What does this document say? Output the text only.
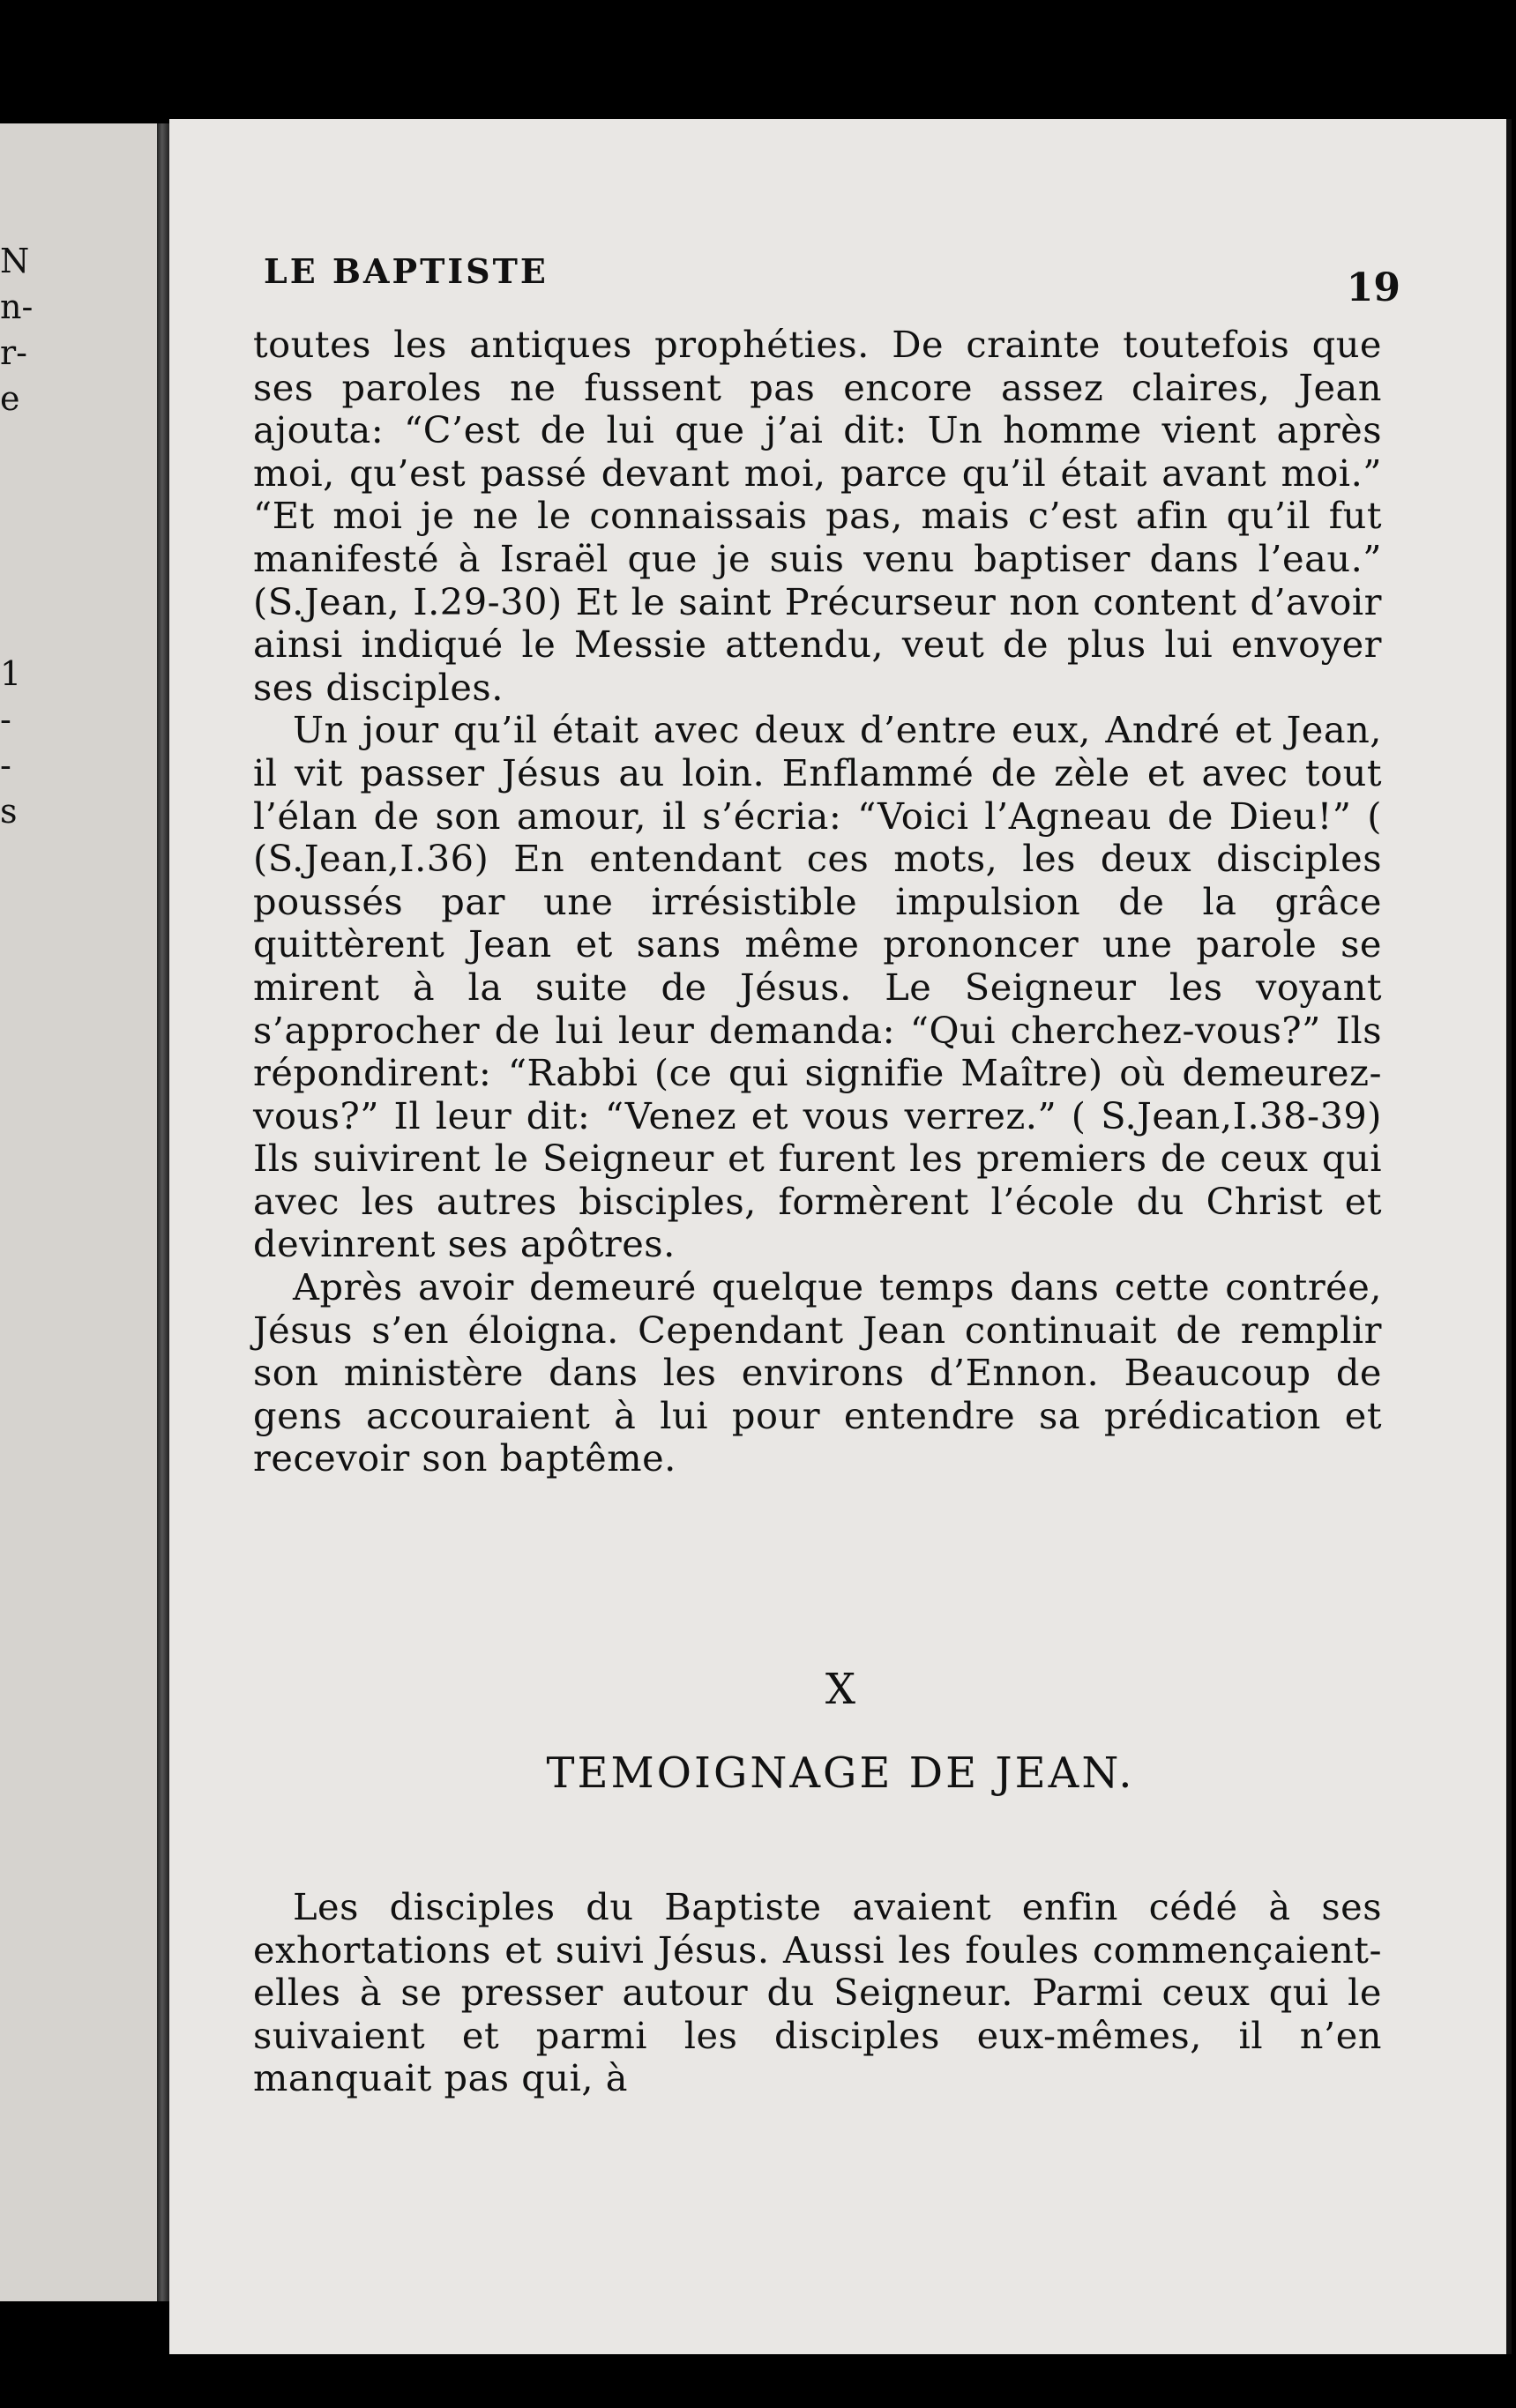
N
n-
r-
e
1
-
-
s
LE BAPTISTE	19

toutes les antiques prophéties. De crainte toutefois que ses paroles ne fussent pas encore assez claires, Jean ajouta: “C’est de lui que j’ai dit: Un homme vient après moi, qu’est passé devant moi, parce qu’il était avant moi.” “Et moi je ne le connaissais pas, mais c’est afin qu’il fut manifesté à Israël que je suis venu baptiser dans l’eau.” (S.Jean, I.29-30) Et le saint Précurseur non content d’avoir ainsi indiqué le Messie attendu, veut de plus lui envoyer ses disciples.

Un jour qu’il était avec deux d’entre eux, André et Jean, il vit passer Jésus au loin. Enflammé de zèle et avec tout l’élan de son amour, il s’écria: “Voici l’Agneau de Dieu!” ( (S.Jean,I.36) En entendant ces mots, les deux disciples poussés par une irrésistible impulsion de la grâce quittèrent Jean et sans même prononcer une parole se mirent à la suite de Jésus. Le Seigneur les voyant s’approcher de lui leur demanda: “Qui cherchez-vous?” Ils répondirent: “Rabbi (ce qui signifie Maître) où demeurez-vous?” Il leur dit: “Venez et vous verrez.” ( S.Jean,I.38-39) Ils suivirent le Seigneur et furent les premiers de ceux qui avec les autres bisciples, formèrent l’école du Christ et devinrent ses apôtres.

Après avoir demeuré quelque temps dans cette contrée, Jésus s’en éloigna. Cependant Jean continuait de remplir son ministère dans les environs d’Ennon. Beaucoup de gens accouraient à lui pour entendre sa prédication et recevoir son baptême.

X
TEMOIGNAGE DE JEAN.

Les disciples du Baptiste avaient enfin cédé à ses exhortations et suivi Jésus. Aussi les foules commençaient-elles à se presser autour du Seigneur. Parmi ceux qui le suivaient et parmi les disciples eux-mêmes, il n’en manquait pas qui, à
